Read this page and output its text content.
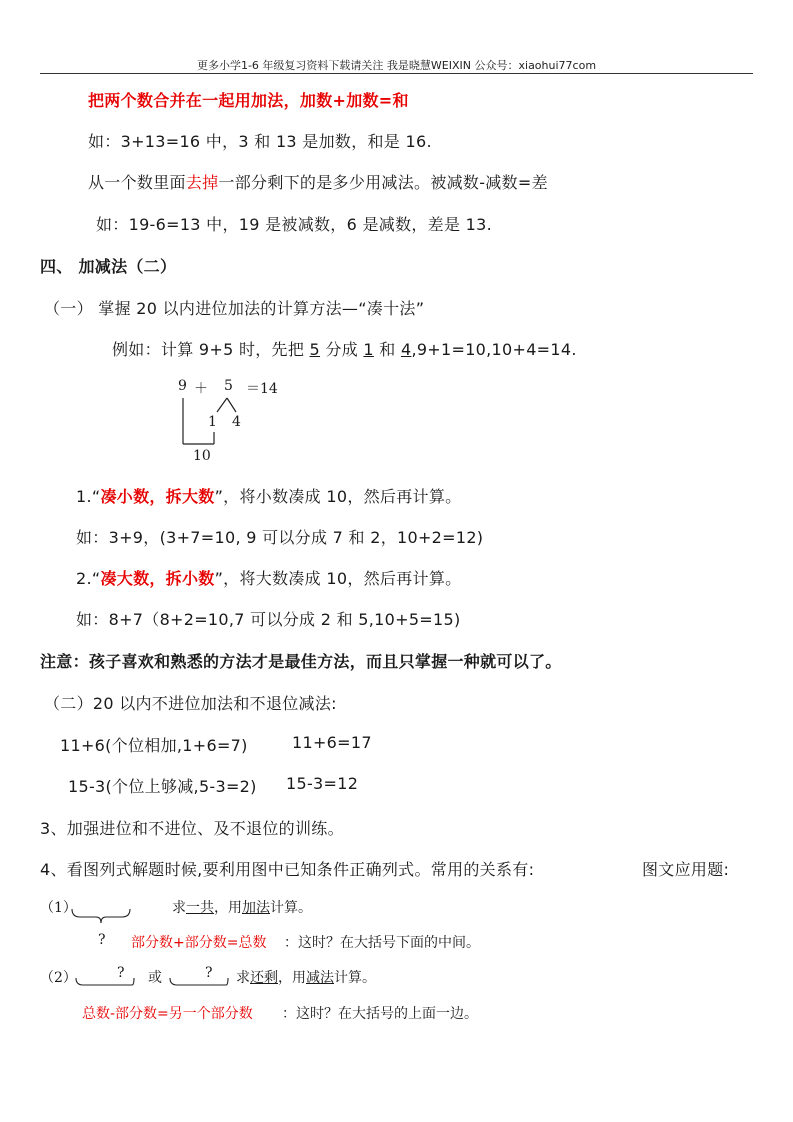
更多小学1-6 年级复习资料下载请关注 我是晓慧WEIXIN 公众号：xiaohui77com
把两个数合并在一起用加法，加数+加数=和
如：3+13=16 中，3 和 13 是加数，和是 16.
从一个数里面去掉一部分剩下的是多少用减法。被减数-减数=差
如：19-6=13 中，19 是被减数，6 是减数，差是 13.
四、 加减法（二）
（一） 掌握 20 以内进位加法的计算方法—“凑十法”
例如：计算 9+5 时，先把 5 分成 1 和 4,9+1=10,10+4=14.
9 ＋ 5 ＝14
1 4
10
1.“凑小数，拆大数”，将小数凑成 10，然后再计算。
如：3+9，(3+7=10, 9 可以分成 7 和 2，10+2=12)
2.“凑大数，拆小数”，将大数凑成 10，然后再计算。
如：8+7（8+2=10,7 可以分成 2 和 5,10+5=15)
注意：孩子喜欢和熟悉的方法才是最佳方法，而且只掌握一种就可以了。
（二）20 以内不进位加法和不退位减法:
11+6(个位相加,1+6=7)	11+6=17
15-3(个位上够减,5-3=2) 15-3=12
3、加强进位和不进位、及不退位的训练。
4、看图列式解题时候,要利用图中已知条件正确列式。常用的关系有:	图文应用题:
（1）
?
求一共，用加法计算。
部分数+部分数=总数 ：这时？在大括号下面的中间。
（2）	? 或	? 求还剩，用减法计算。
总数-部分数=另一个部分数 ：这时？在大括号的上面一边。
